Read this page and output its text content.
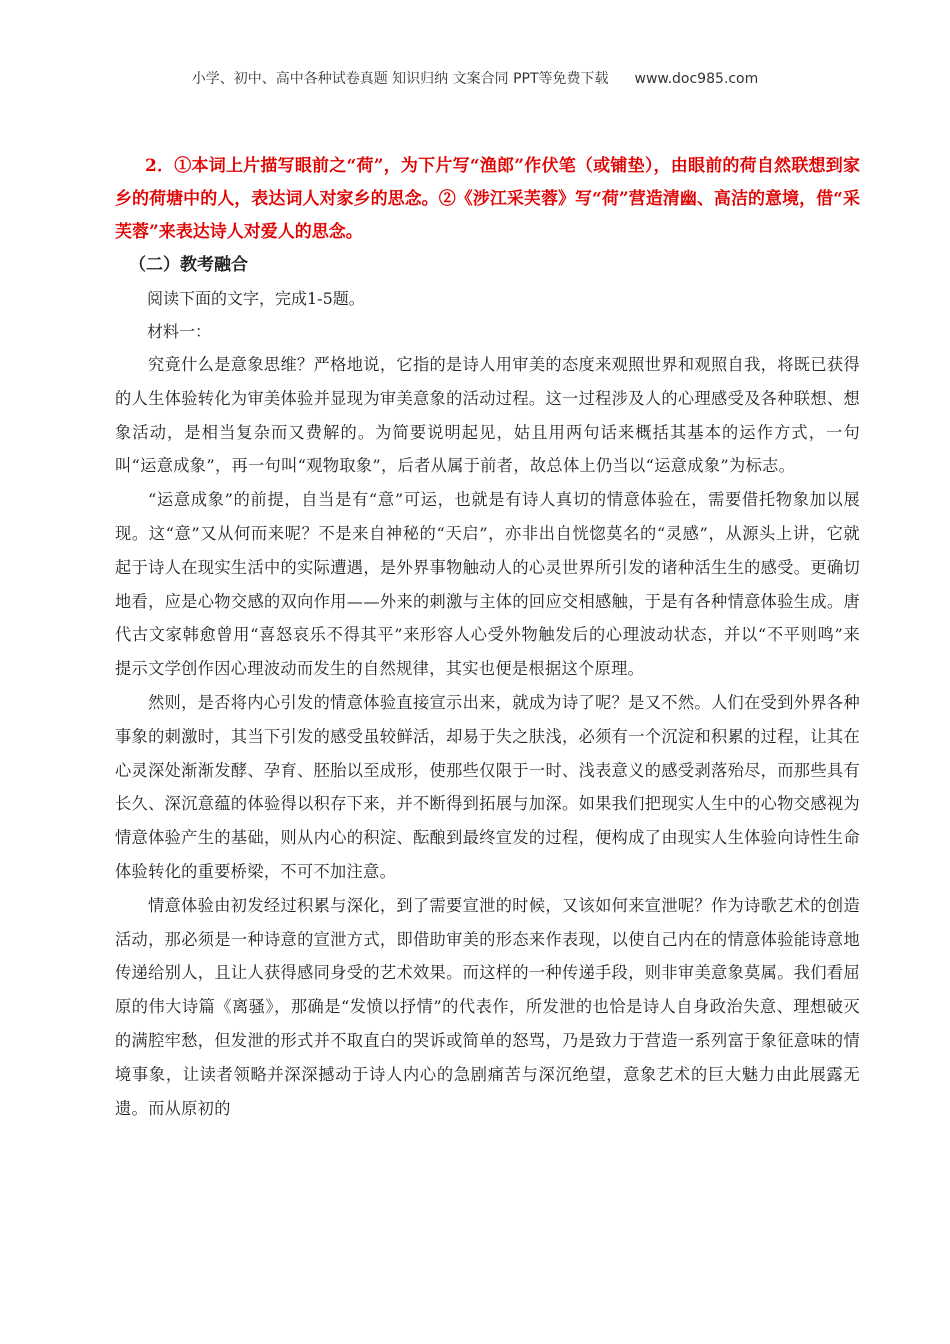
小学、初中、高中各种试卷真题 知识归纳 文案合同 PPT等免费下载 www.doc985.com

2．①本词上片描写眼前之“荷”，为下片写“渔郎”作伏笔（或铺垫），由眼前的荷自然联想到家乡的荷塘中的人，表达词人对家乡的思念。②《涉江采芙蓉》写“荷”营造清幽、高洁的意境，借“采芙蓉”来表达诗人对爱人的思念。

（二）教考融合

阅读下面的文字，完成1-5题。

材料一：

究竟什么是意象思维？严格地说，它指的是诗人用审美的态度来观照世界和观照自我，将既已获得的人生体验转化为审美体验并显现为审美意象的活动过程。这一过程涉及人的心理感受及各种联想、想象活动，是相当复杂而又费解的。为简要说明起见，姑且用两句话来概括其基本的运作方式，一句叫“运意成象”，再一句叫“观物取象”，后者从属于前者，故总体上仍当以“运意成象”为标志。

“运意成象”的前提，自当是有“意”可运，也就是有诗人真切的情意体验在，需要借托物象加以展现。这“意”又从何而来呢？不是来自神秘的“天启”，亦非出自恍惚莫名的“灵感”，从源头上讲，它就起于诗人在现实生活中的实际遭遇，是外界事物触动人的心灵世界所引发的诸种活生生的感受。更确切地看，应是心物交感的双向作用——外来的刺激与主体的回应交相感触，于是有各种情意体验生成。唐代古文家韩愈曾用“喜怒哀乐不得其平”来形容人心受外物触发后的心理波动状态，并以“不平则鸣”来提示文学创作因心理波动而发生的自然规律，其实也便是根据这个原理。

然则，是否将内心引发的情意体验直接宣示出来，就成为诗了呢？是又不然。人们在受到外界各种事象的刺激时，其当下引发的感受虽较鲜活，却易于失之肤浅，必须有一个沉淀和积累的过程，让其在心灵深处渐渐发酵、孕育、胚胎以至成形，使那些仅限于一时、浅表意义的感受剥落殆尽，而那些具有长久、深沉意蕴的体验得以积存下来，并不断得到拓展与加深。如果我们把现实人生中的心物交感视为情意体验产生的基础，则从内心的积淀、酝酿到最终宣发的过程，便构成了由现实人生体验向诗性生命体验转化的重要桥梁，不可不加注意。

情意体验由初发经过积累与深化，到了需要宣泄的时候，又该如何来宣泄呢？作为诗歌艺术的创造活动，那必须是一种诗意的宣泄方式，即借助审美的形态来作表现，以使自己内在的情意体验能诗意地传递给别人，且让人获得感同身受的艺术效果。而这样的一种传递手段，则非审美意象莫属。我们看屈原的伟大诗篇《离骚》，那确是“发愤以抒情”的代表作，所发泄的也恰是诗人自身政治失意、理想破灭的满腔牢愁，但发泄的形式并不取直白的哭诉或简单的怒骂，乃是致力于营造一系列富于象征意味的情境事象，让读者领略并深深撼动于诗人内心的急剧痛苦与深沉绝望，意象艺术的巨大魅力由此展露无遗。而从原初的
